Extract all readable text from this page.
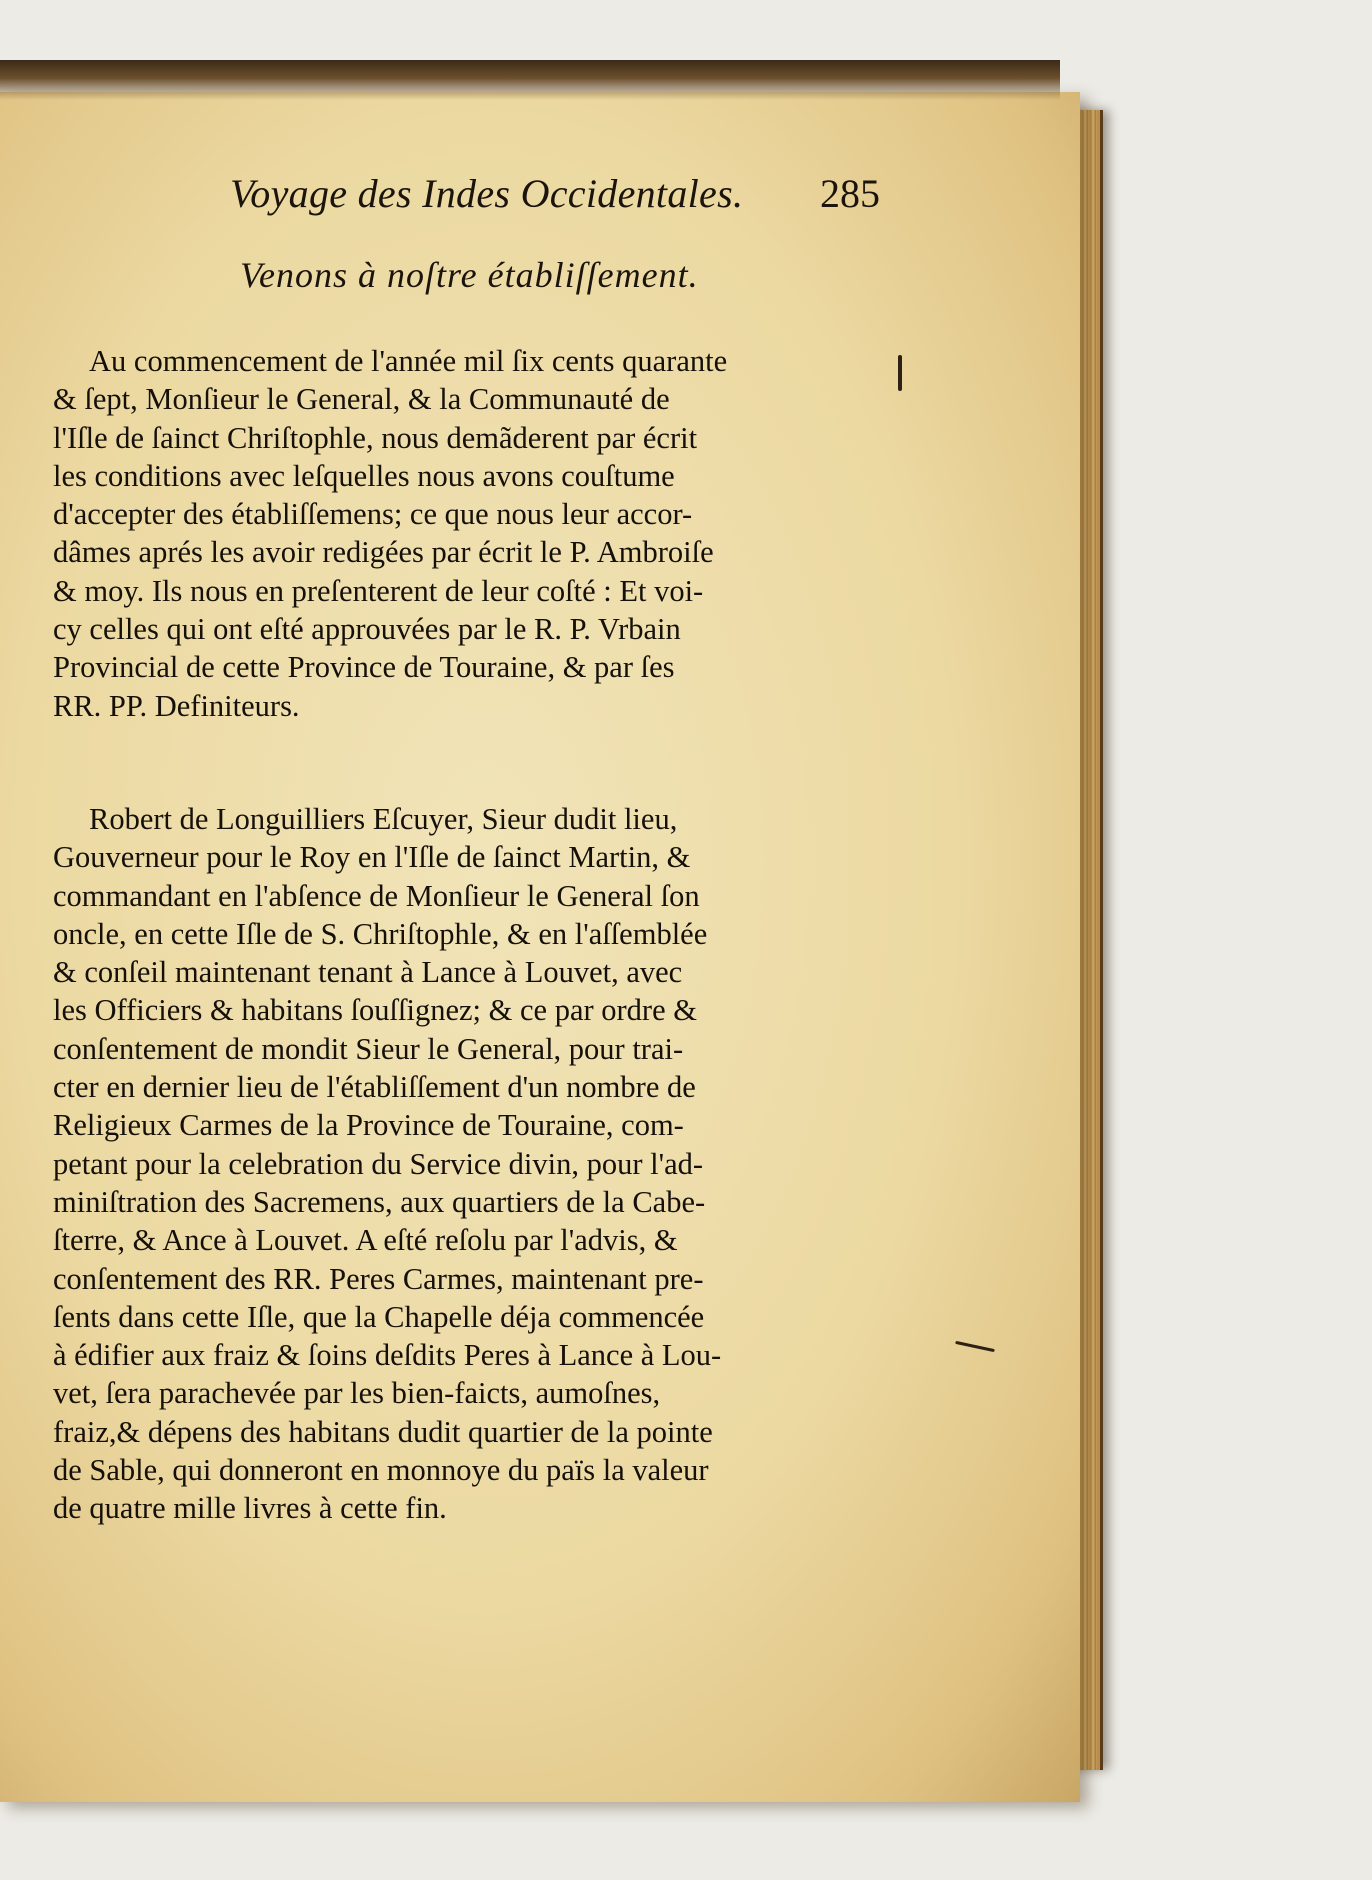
Voyage des Indes Occidentales. 285
Venons à noſtre établiſſement.
Au commencement de l'année mil ſix cents quarante
& ſept, Monſieur le General, & la Communauté de
l'Iſle de ſainct Chriſtophle, nous demãderent par écrit
les conditions avec leſquelles nous avons couſtume
d'accepter des établiſſemens; ce que nous leur accor-
dâmes aprés les avoir redigées par écrit le P. Ambroiſe
& moy. Ils nous en preſenterent de leur coſté : Et voi-
cy celles qui ont eſté approuvées par le R. P. Vrbain
Provincial de cette Province de Touraine, & par ſes
RR. PP. Definiteurs.
Robert de Longuilliers Eſcuyer, Sieur dudit lieu,
Gouverneur pour le Roy en l'Iſle de ſainct Martin, &
commandant en l'abſence de Monſieur le General ſon
oncle, en cette Iſle de S. Chriſtophle, & en l'aſſemblée
& conſeil maintenant tenant à Lance à Louvet, avec
les Officiers & habitans ſouſſignez; & ce par ordre &
conſentement de mondit Sieur le General, pour trai-
cter en dernier lieu de l'établiſſement d'un nombre de
Religieux Carmes de la Province de Touraine, com-
petant pour la celebration du Service divin, pour l'ad-
miniſtration des Sacremens, aux quartiers de la Cabe-
ſterre, & Ance à Louvet. A eſté reſolu par l'advis, &
conſentement des RR. Peres Carmes, maintenant pre-
ſents dans cette Iſle, que la Chapelle déja commencée
à édifier aux fraiz & ſoins deſdits Peres à Lance à Lou-
vet, ſera parachevée par les bien-faicts, aumoſnes,
fraiz,& dépens des habitans dudit quartier de la pointe
de Sable, qui donneront en monnoye du païs la valeur
de quatre mille livres à cette fin.
